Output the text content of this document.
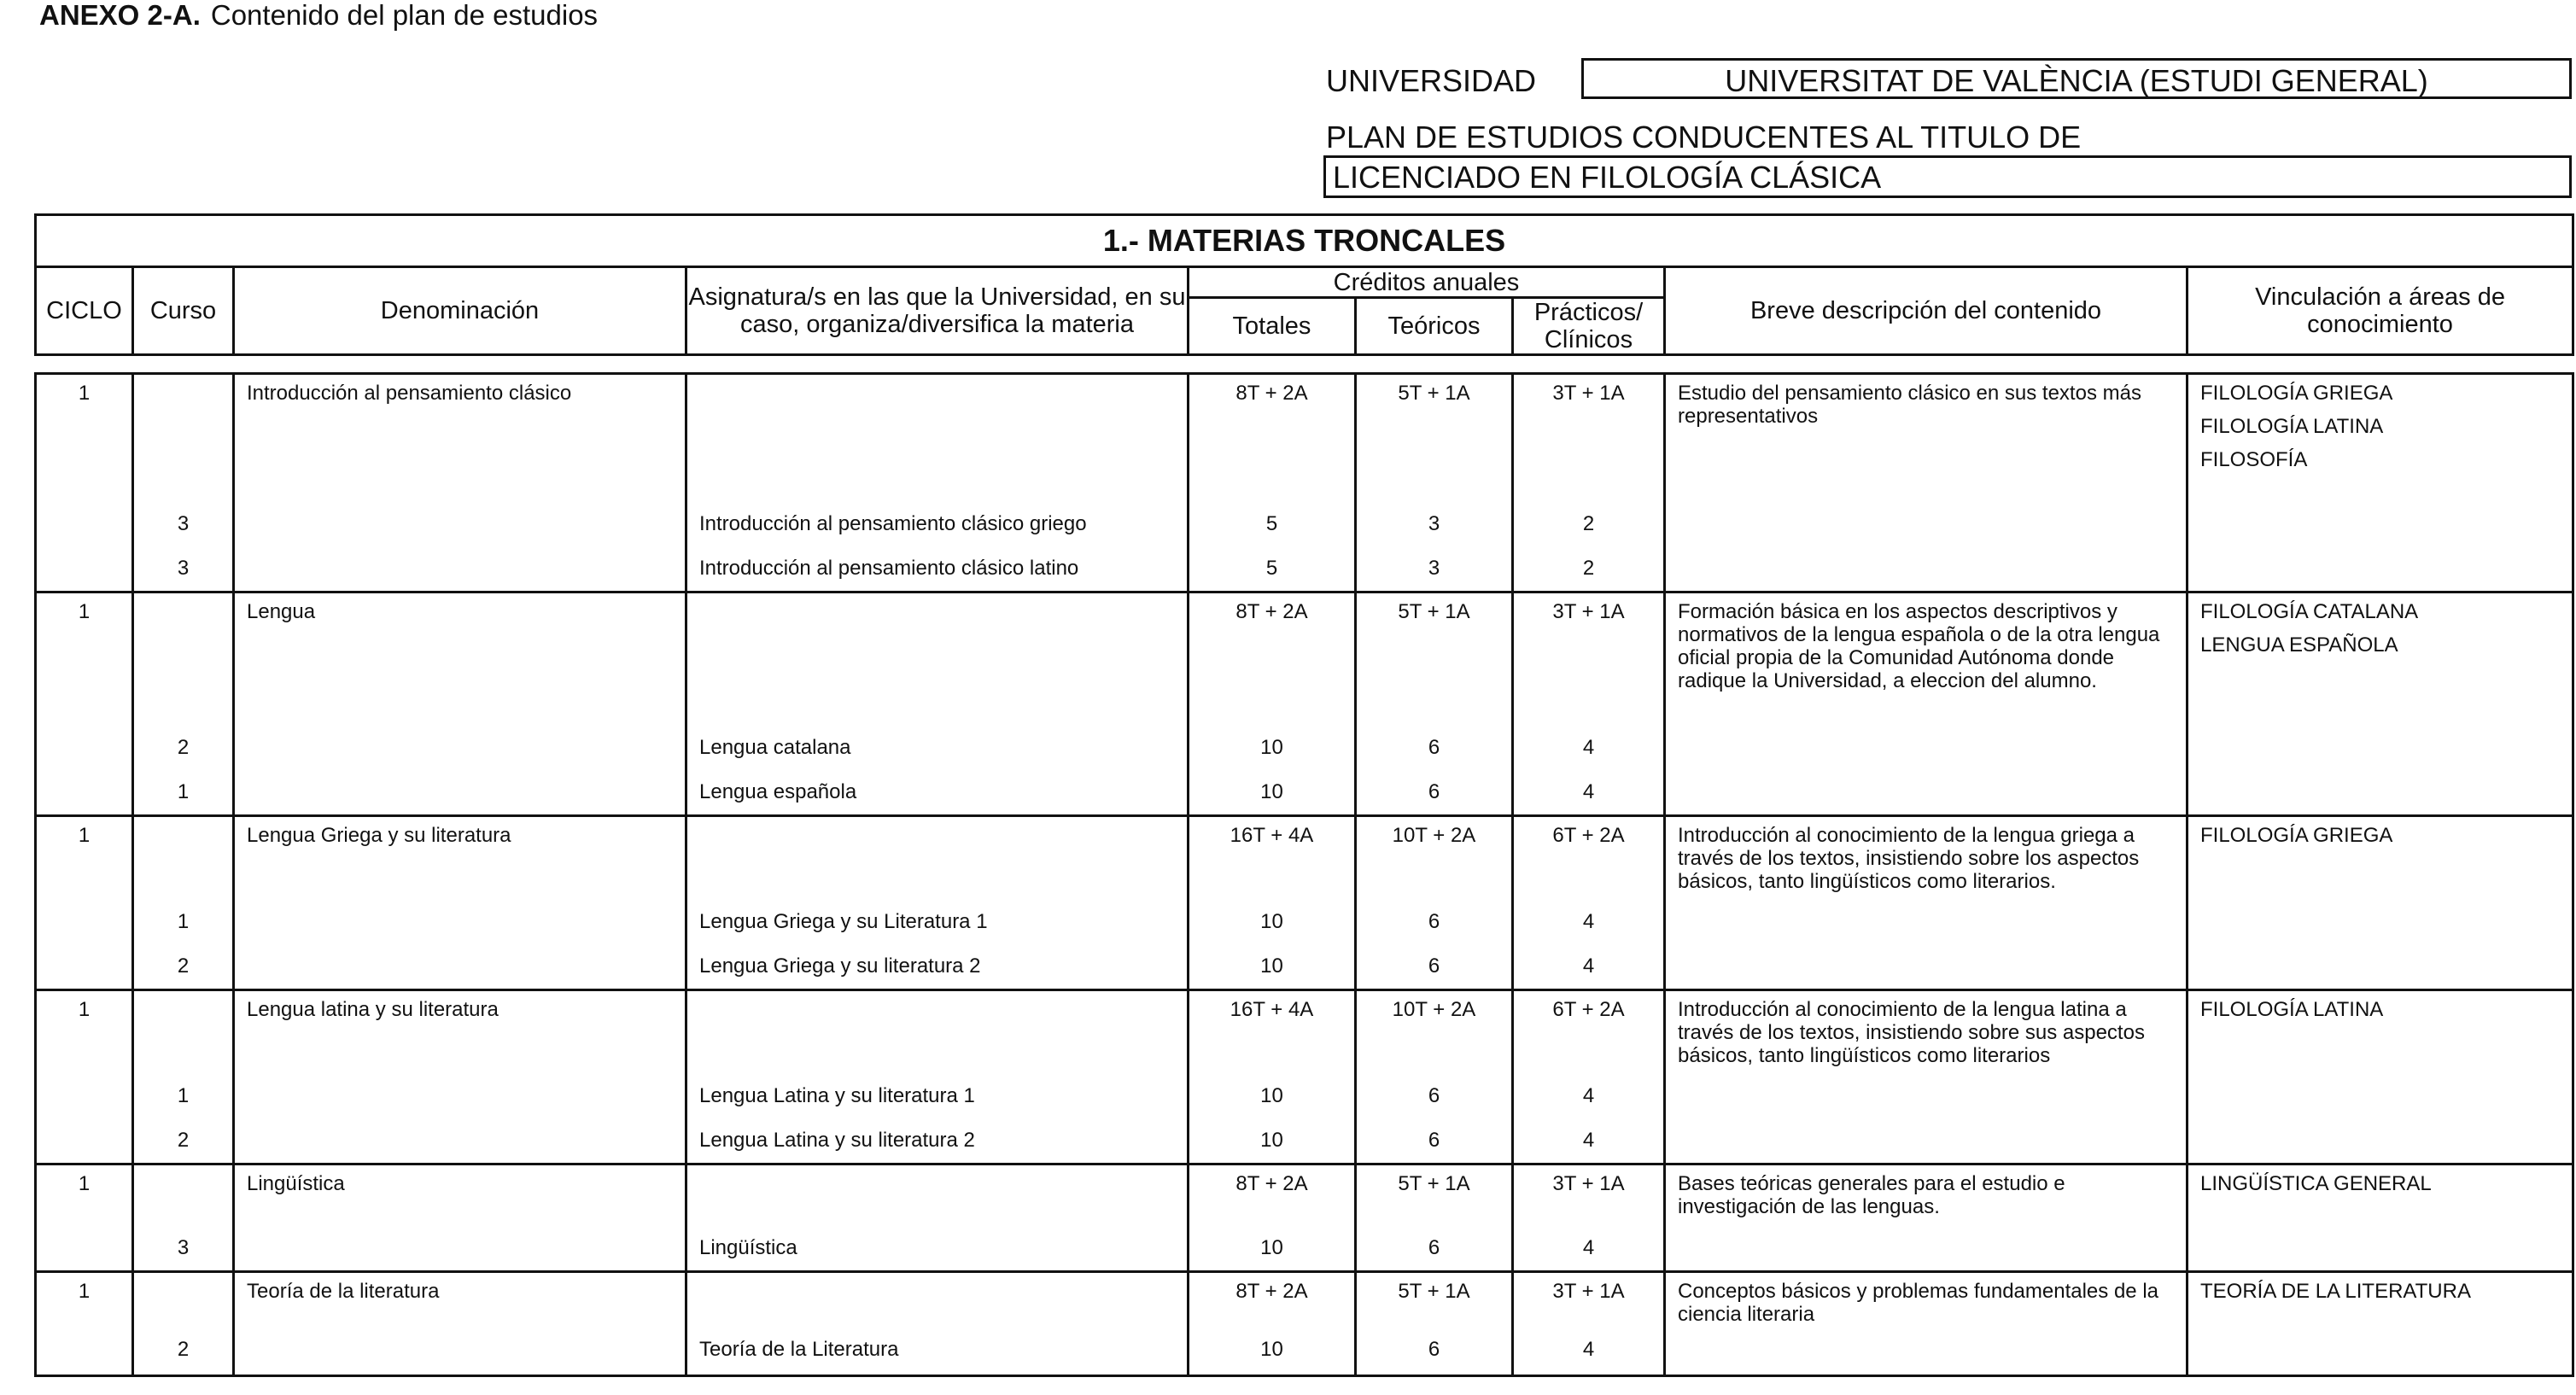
ANEXO 2-A. Contenido del plan de estudios
UNIVERSIDAD	UNIVERSITAT DE VALÈNCIA (ESTUDI GENERAL)
PLAN DE ESTUDIOS CONDUCENTES AL TITULO DE
LICENCIADO EN FILOLOGÍA CLÁSICA
1.- MATERIAS TRONCALES								
CICLO	Curso	Denominación	Asignatura/s en las que la Universidad, en su caso, organiza/diversifica la materia	Créditos anuales			Breve descripción del contenido	Vinculación a áreas de conocimiento
				Totales	Teóricos	Prácticos/ Clínicos		
1		Introducción al pensamiento clásico		8T + 2A	5T + 1A	3T + 1A	Estudio del pensamiento clásico en sus textos más representativos	FILOLOGÍA GRIEGA
FILOLOGÍA LATINA
FILOSOFÍA

	3		Introducción al pensamiento clásico griego	5	3	2		
	3		Introducción al pensamiento clásico latino	5	3	2		
1		Lengua		8T + 2A	5T + 1A	3T + 1A	Formación básica en los aspectos descriptivos y normativos de la lengua española o de la otra lengua oficial propia de la Comunidad Autónoma donde radique la Universidad, a eleccion del alumno.	FILOLOGÍA CATALANA
LENGUA ESPAÑOLA

	2		Lengua catalana	10	6	4		
	1		Lengua española	10	6	4		
1		Lengua Griega y su literatura		16T + 4A	10T + 2A	6T + 2A	Introducción al conocimiento de la lengua griega a través de los textos, insistiendo sobre los aspectos básicos, tanto lingüísticos como literarios.	FILOLOGÍA GRIEGA

	1		Lengua Griega y su Literatura 1	10	6	4		
	2		Lengua Griega y su literatura 2	10	6	4		
1		Lengua latina y su literatura		16T + 4A	10T + 2A	6T + 2A	Introducción al conocimiento de la lengua latina a través de los textos, insistiendo sobre sus aspectos básicos, tanto lingüísticos como literarios	FILOLOGÍA LATINA

	1		Lengua Latina y su literatura 1	10	6	4		
	2		Lengua Latina y su literatura 2	10	6	4		
1		Lingüística		8T + 2A	5T + 1A	3T + 1A	Bases teóricas generales para el estudio e investigación de las lenguas.	LINGÜÍSTICA GENERAL

	3		Lingüística	10	6	4		
1		Teoría de la literatura		8T + 2A	5T + 1A	3T + 1A	Conceptos básicos y problemas fundamentales de la ciencia literaria	TEORÍA DE LA LITERATURA

	2		Teoría de la Literatura	10	6	4		
